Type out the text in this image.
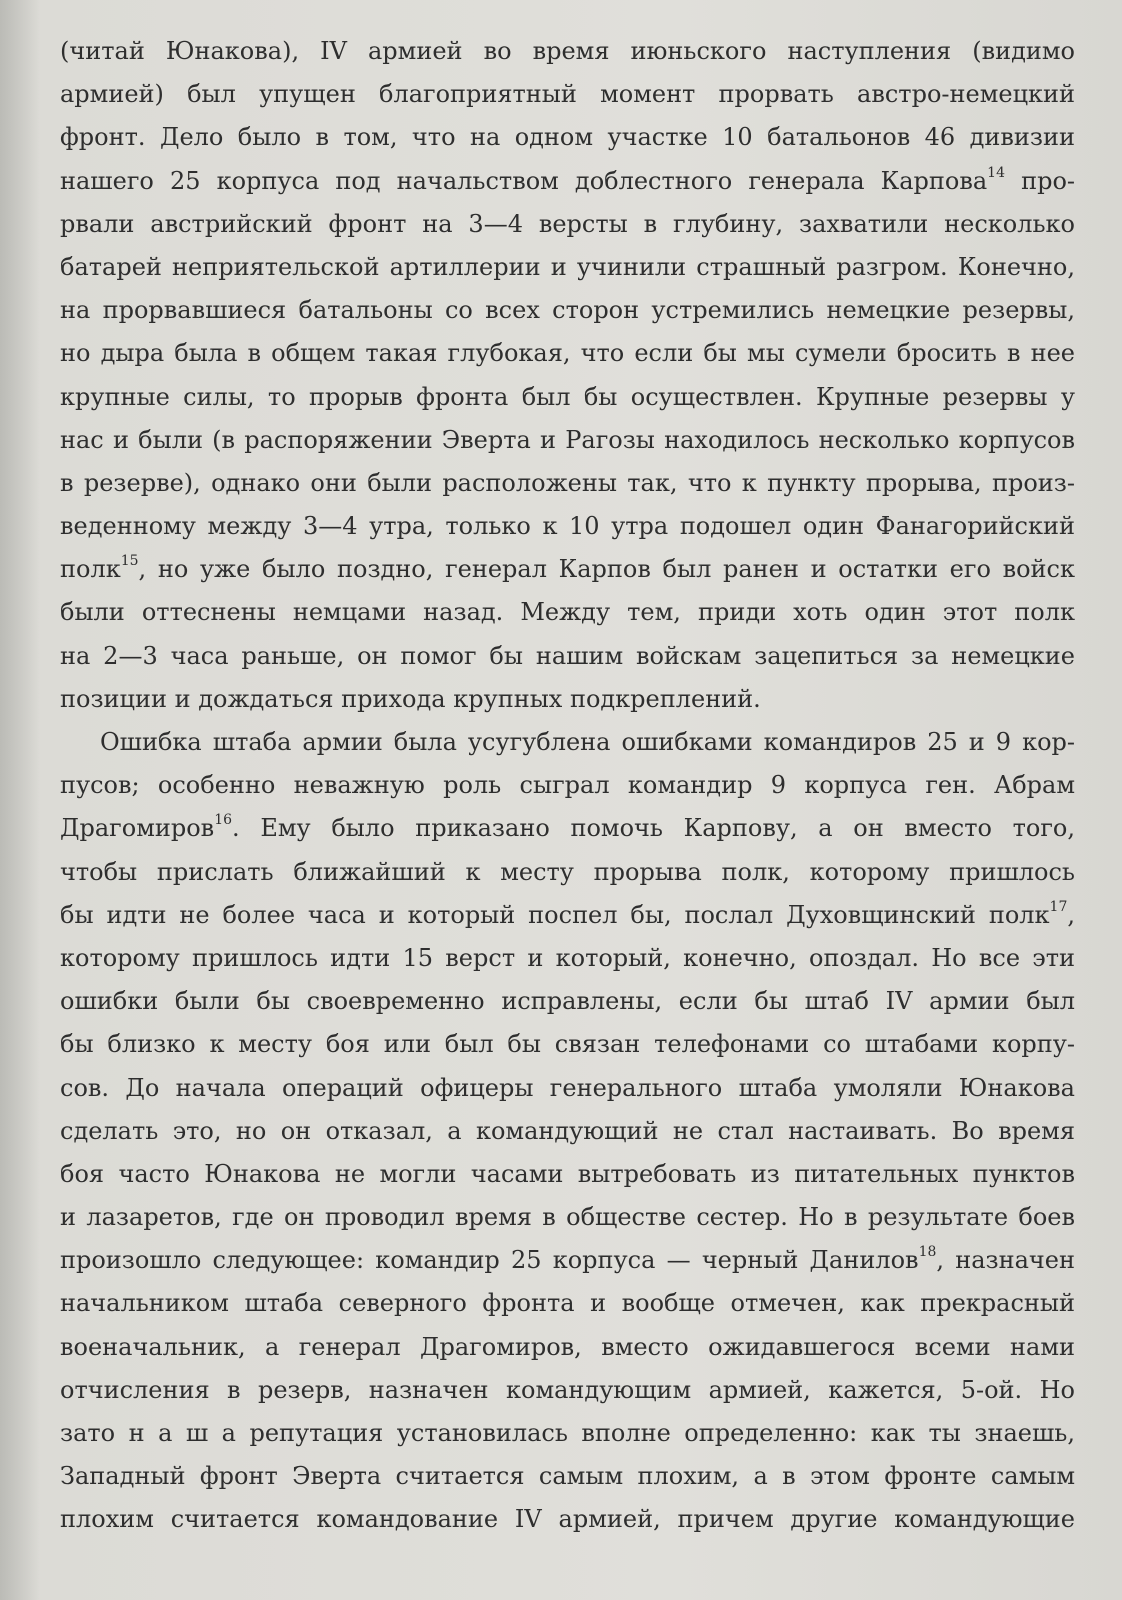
(читай Юнакова), IV армией во время июньского наступления (видимо
армией) был упущен благоприятный момент прорвать австро-немецкий
фронт. Дело было в том, что на одном участке 10 батальонов 46 дивизии
нашего 25 корпуса под начальством доблестного генерала Карпова$^{14}$ про-
рвали австрийский фронт на 3—4 версты в глубину, захватили несколько
батарей неприятельской артиллерии и учинили страшный разгром. Конечно,
на прорвавшиеся батальоны со всех сторон устремились немецкие резервы,
но дыра была в общем такая глубокая, что если бы мы сумели бросить в нее
крупные силы, то прорыв фронта был бы осуществлен. Крупные резервы у
нас и были (в распоряжении Эверта и Рагозы находилось несколько корпусов
в резерве), однако они были расположены так, что к пункту прорыва, произ-
веденному между 3—4 утра, только к 10 утра подошел один Фанагорийский
полк$^{15}$, но уже было поздно, генерал Карпов был ранен и остатки его войск
были оттеснены немцами назад. Между тем, приди хоть один этот полк
на 2—3 часа раньше, он помог бы нашим войскам зацепиться за немецкие
позиции и дождаться прихода крупных подкреплений.
Ошибка штаба армии была усугублена ошибками командиров 25 и 9 кор-
пусов; особенно неважную роль сыграл командир 9 корпуса ген. Абрам
Драгомиров$^{16}$. Ему было приказано помочь Карпову, а он вместо того,
чтобы прислать ближайший к месту прорыва полк, которому пришлось
бы идти не более часа и который поспел бы, послал Духовщинский полк$^{17}$,
которому пришлось идти 15 верст и который, конечно, опоздал. Но все эти
ошибки были бы своевременно исправлены, если бы штаб IV армии был
бы близко к месту боя или был бы связан телефонами со штабами корпу-
сов. До начала операций офицеры генерального штаба умоляли Юнакова
сделать это, но он отказал, а командующий не стал настаивать. Во время
боя часто Юнакова не могли часами вытребовать из питательных пунктов
и лазаретов, где он проводил время в обществе сестер. Но в результате боев
произошло следующее: командир 25 корпуса — черный Данилов$^{18}$, назначен
начальником штаба северного фронта и вообще отмечен, как прекрасный
военачальник, а генерал Драгомиров, вместо ожидавшегося всеми нами
отчисления в резерв, назначен командующим армией, кажется, 5-ой. Но
зато н а ш а репутация установилась вполне определенно: как ты знаешь,
Западный фронт Эверта считается самым плохим, а в этом фронте самым
плохим считается командование IV армией, причем другие командующие
